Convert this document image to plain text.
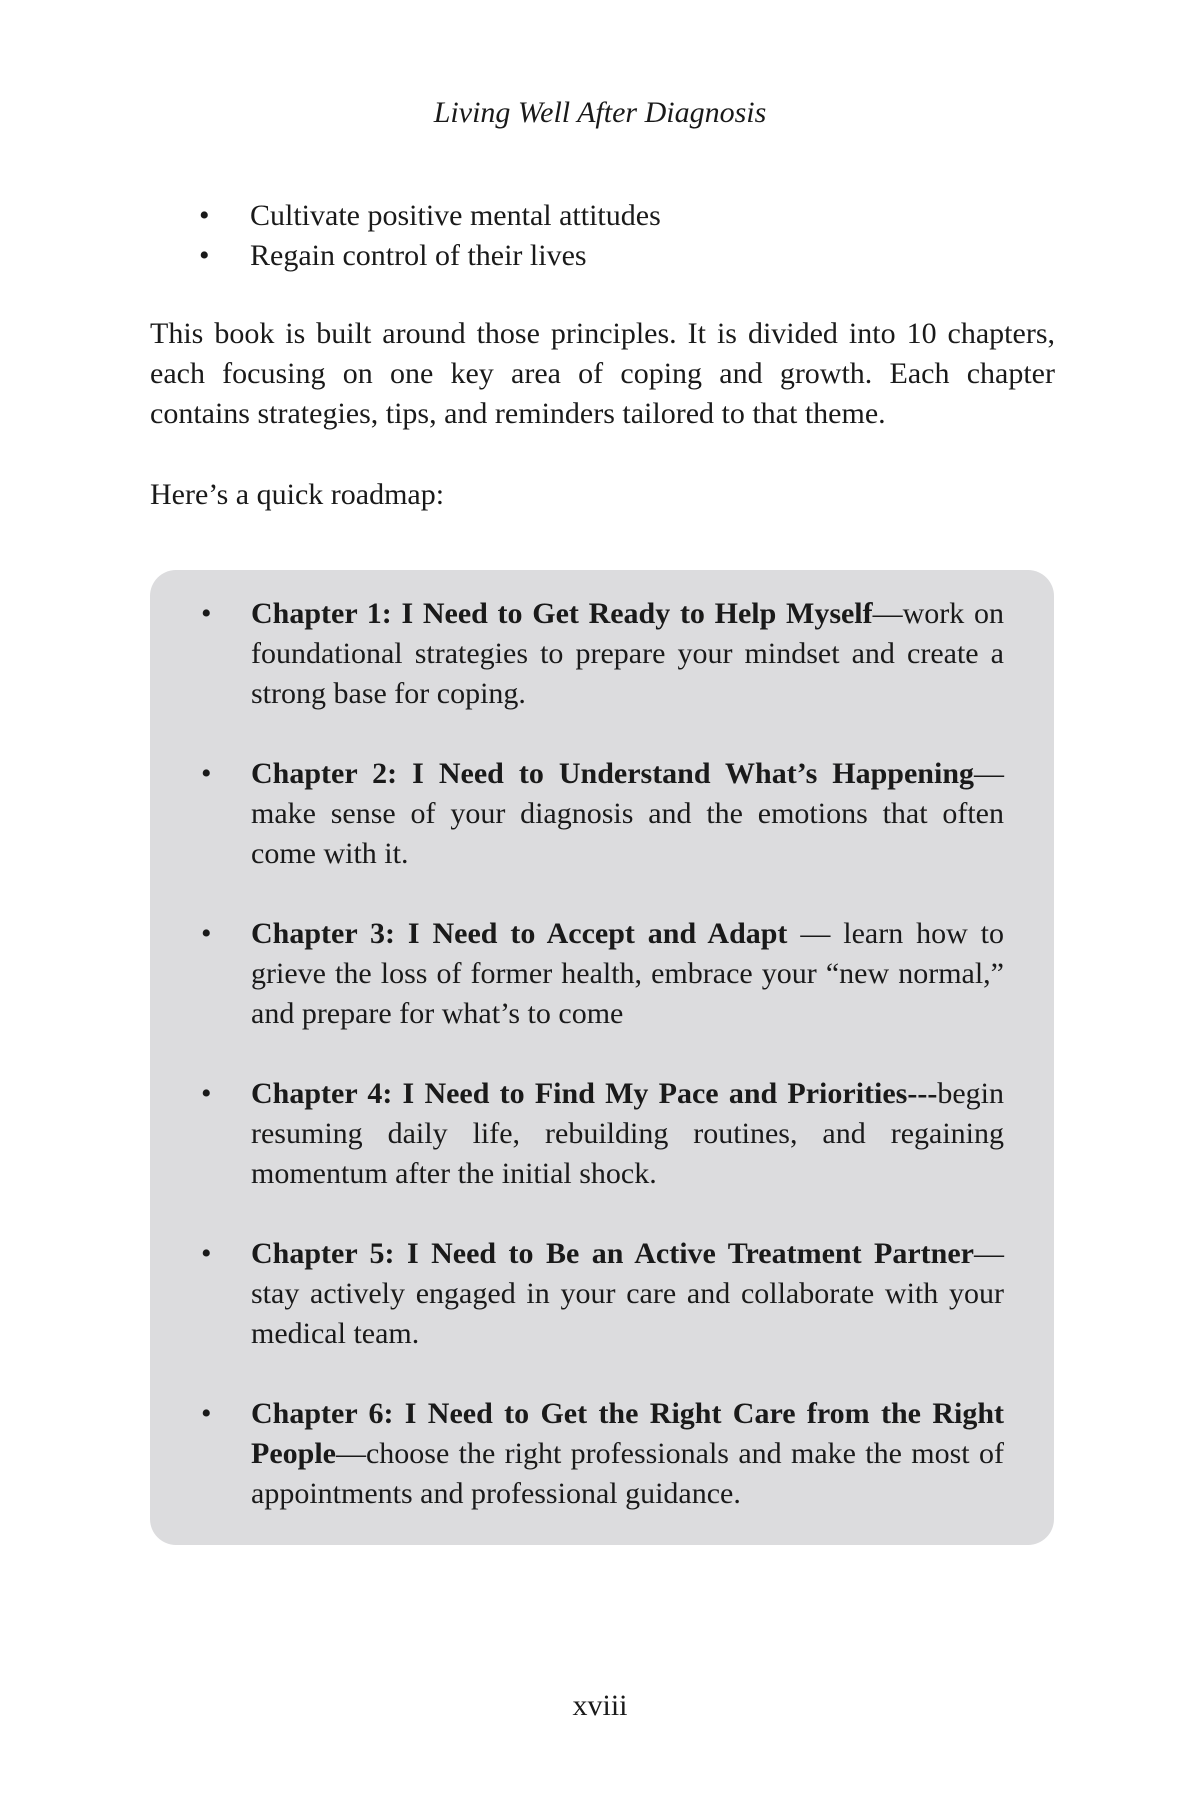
Living Well After Diagnosis
• Cultivate positive mental attitudes
• Regain control of their lives

This book is built around those principles. It is divided into 10 chapters, each focusing on one key area of coping and growth. Each chapter contains strategies, tips, and reminders tailored to that theme.

Here’s a quick roadmap:

• Chapter 1: I Need to Get Ready to Help Myself—work on foundational strategies to prepare your mindset and create a strong base for coping.
• Chapter 2: I Need to Understand What’s Happening—make sense of your diagnosis and the emotions that often come with it.
• Chapter 3: I Need to Accept and Adapt — learn how to grieve the loss of former health, embrace your “new normal,” and prepare for what’s to come
• Chapter 4: I Need to Find My Pace and Priorities---begin resuming daily life, rebuilding routines, and regaining momentum after the initial shock.
• Chapter 5: I Need to Be an Active Treatment Partner—stay actively engaged in your care and collaborate with your medical team.
• Chapter 6: I Need to Get the Right Care from the Right People—choose the right professionals and make the most of appointments and professional guidance.
xviii
